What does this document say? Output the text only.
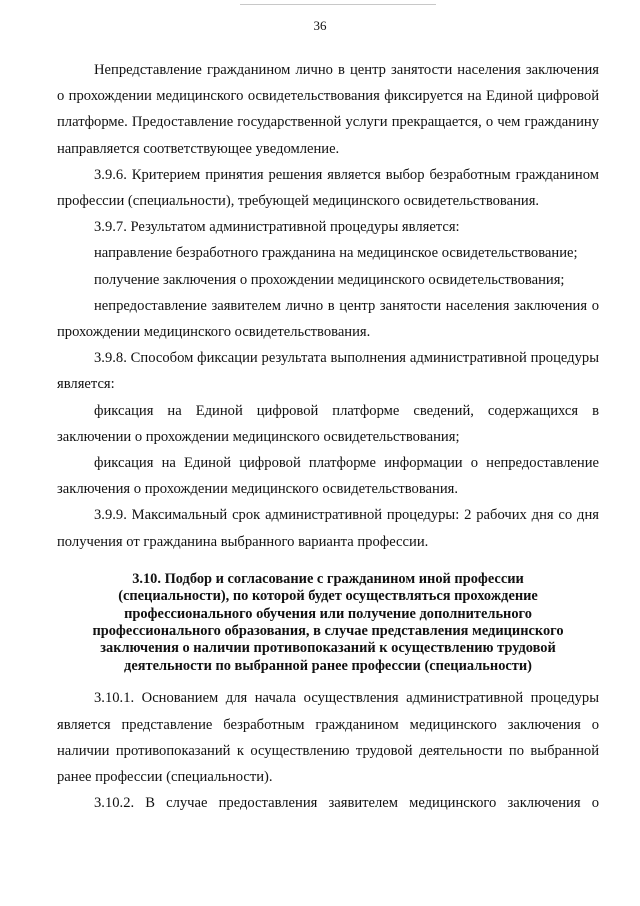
36

Непредставление гражданином лично в центр занятости населения заключения о прохождении медицинского освидетельствования фиксируется на Единой цифровой платформе. Предоставление государственной услуги прекращается, о чем гражданину направляется соответствующее уведомление.

3.9.6. Критерием принятия решения является выбор безработным гражданином профессии (специальности), требующей медицинского освидетельствования.

3.9.7. Результатом административной процедуры является:

направление безработного гражданина на медицинское освидетельствование;

получение заключения о прохождении медицинского освидетельствования;

непредоставление заявителем лично в центр занятости населения заключения о прохождении медицинского освидетельствования.

3.9.8. Способом фиксации результата выполнения административной процедуры является:

фиксация на Единой цифровой платформе сведений, содержащихся в заключении о прохождении медицинского освидетельствования;

фиксация на Единой цифровой платформе информации о непредоставление заключения о прохождении медицинского освидетельствования.

3.9.9. Максимальный срок административной процедуры: 2 рабочих дня со дня получения от гражданина выбранного варианта профессии.

3.10. Подбор и согласование с гражданином иной профессии (специальности), по которой будет осуществляться прохождение профессионального обучения или получение дополнительного профессионального образования, в случае представления медицинского заключения о наличии противопоказаний к осуществлению трудовой деятельности по выбранной ранее профессии (специальности)

3.10.1. Основанием для начала осуществления административной процедуры является представление безработным гражданином медицинского заключения о наличии противопоказаний к осуществлению трудовой деятельности по выбранной ранее профессии (специальности).

3.10.2. В случае предоставления заявителем медицинского заключения о
